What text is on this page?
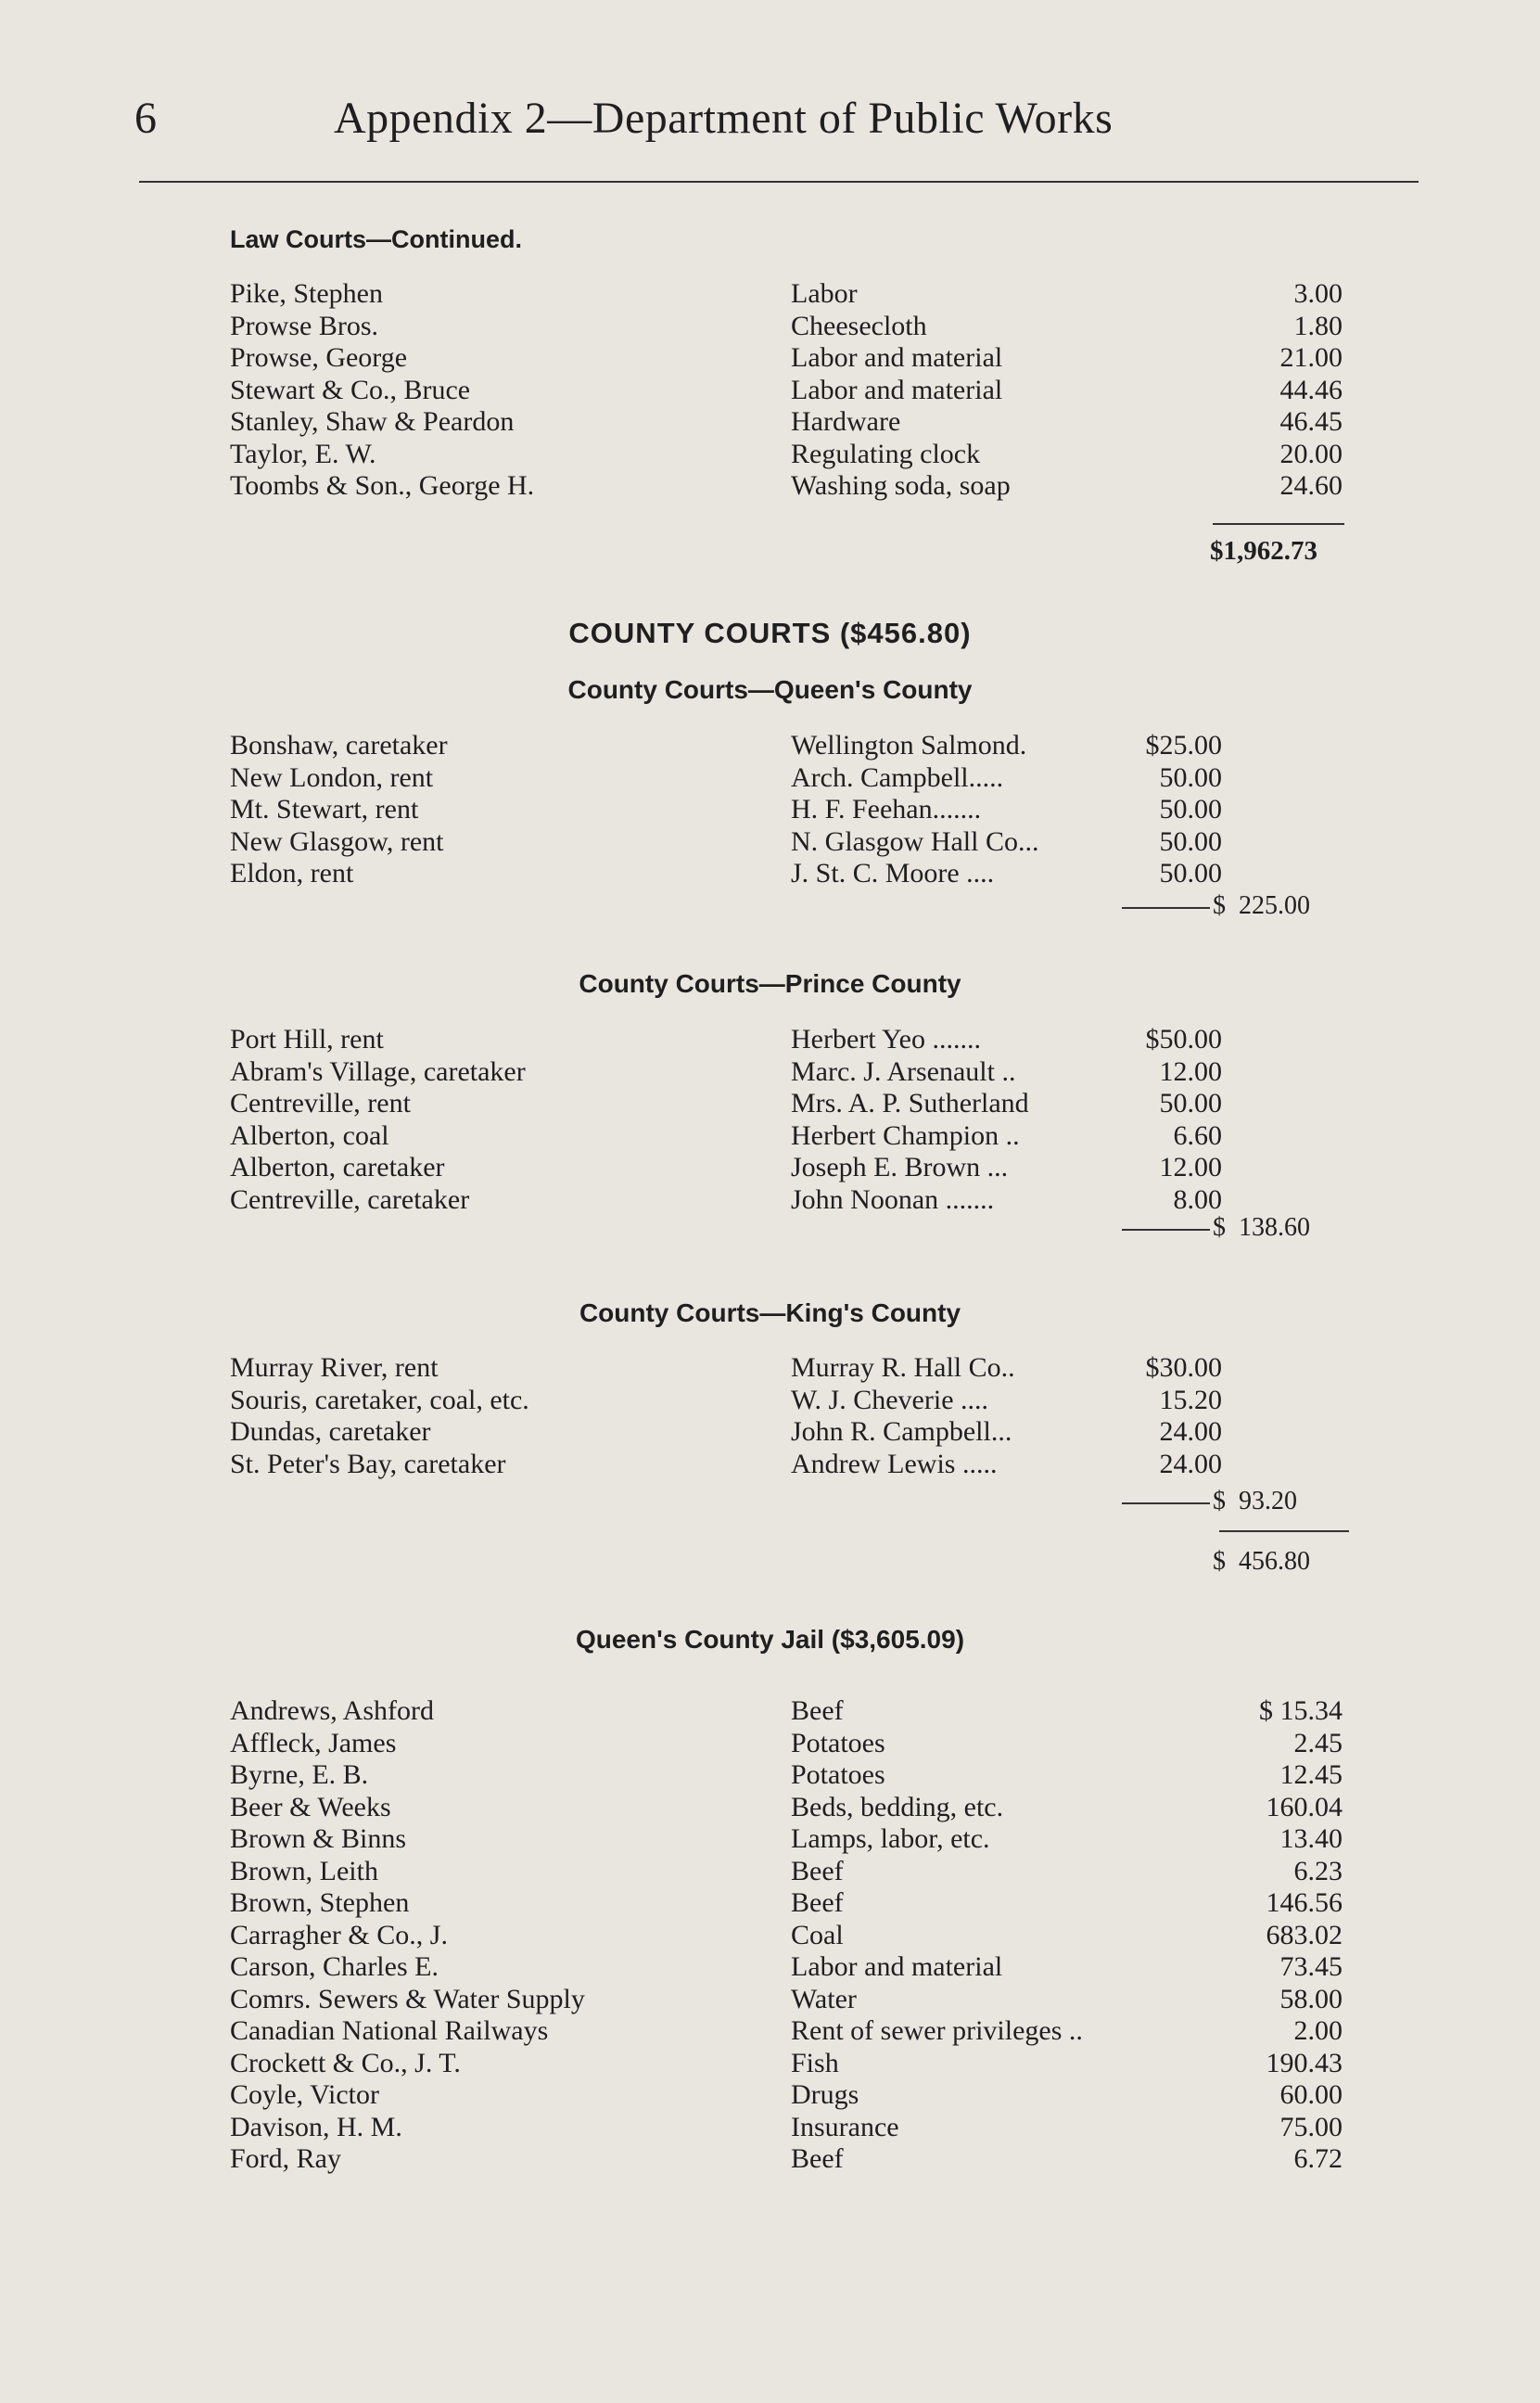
6	Appendix 2—Department of Public Works
Law Courts—Continued.
Pike, Stephen	Labor	3.00
Prowse Bros.	Cheesecloth	1.80
Prowse, George	Labor and material	21.00
Stewart & Co., Bruce	Labor and material	44.46
Stanley, Shaw & Peardon	Hardware	46.45
Taylor, E. W.	Regulating clock	20.00
Toombs & Son., George H.	Washing soda, soap	24.60
$1,962.73
COUNTY COURTS ($456.80)
County Courts—Queen's County
Bonshaw, caretaker	Wellington Salmond.	$25.00
New London, rent	Arch. Campbell.....	50.00
Mt. Stewart, rent	H. F. Feehan.......	50.00
New Glasgow, rent	N. Glasgow Hall Co...	50.00
Eldon, rent	J. St. C. Moore ....	50.00
$  225.00
County Courts—Prince County
Port Hill, rent	Herbert Yeo .......	$50.00
Abram's Village, caretaker	Marc. J. Arsenault ..	12.00
Centreville, rent	Mrs. A. P. Sutherland	50.00
Alberton, coal	Herbert Champion ..	6.60
Alberton, caretaker	Joseph E. Brown ...	12.00
Centreville, caretaker	John Noonan .......	8.00
$  138.60
County Courts—King's County
Murray River, rent	Murray R. Hall Co..	$30.00
Souris, caretaker, coal, etc.	W. J. Cheverie ....	15.20
Dundas, caretaker	John R. Campbell...	24.00
St. Peter's Bay, caretaker	Andrew Lewis .....	24.00
$  93.20
$ 456.80
Queen's County Jail ($3,605.09)
Andrews, Ashford	Beef	$ 15.34
Affleck, James	Potatoes	2.45
Byrne, E. B.	Potatoes	12.45
Beer & Weeks	Beds, bedding, etc.	160.04
Brown & Binns	Lamps, labor, etc.	13.40
Brown, Leith	Beef	6.23
Brown, Stephen	Beef	146.56
Carragher & Co., J.	Coal	683.02
Carson, Charles E.	Labor and material	73.45
Comrs. Sewers & Water Supply	Water	58.00
Canadian National Railways	Rent of sewer privileges ..	2.00
Crockett & Co., J. T.	Fish	190.43
Coyle, Victor	Drugs	60.00
Davison, H. M.	Insurance	75.00
Ford, Ray	Beef	6.72
